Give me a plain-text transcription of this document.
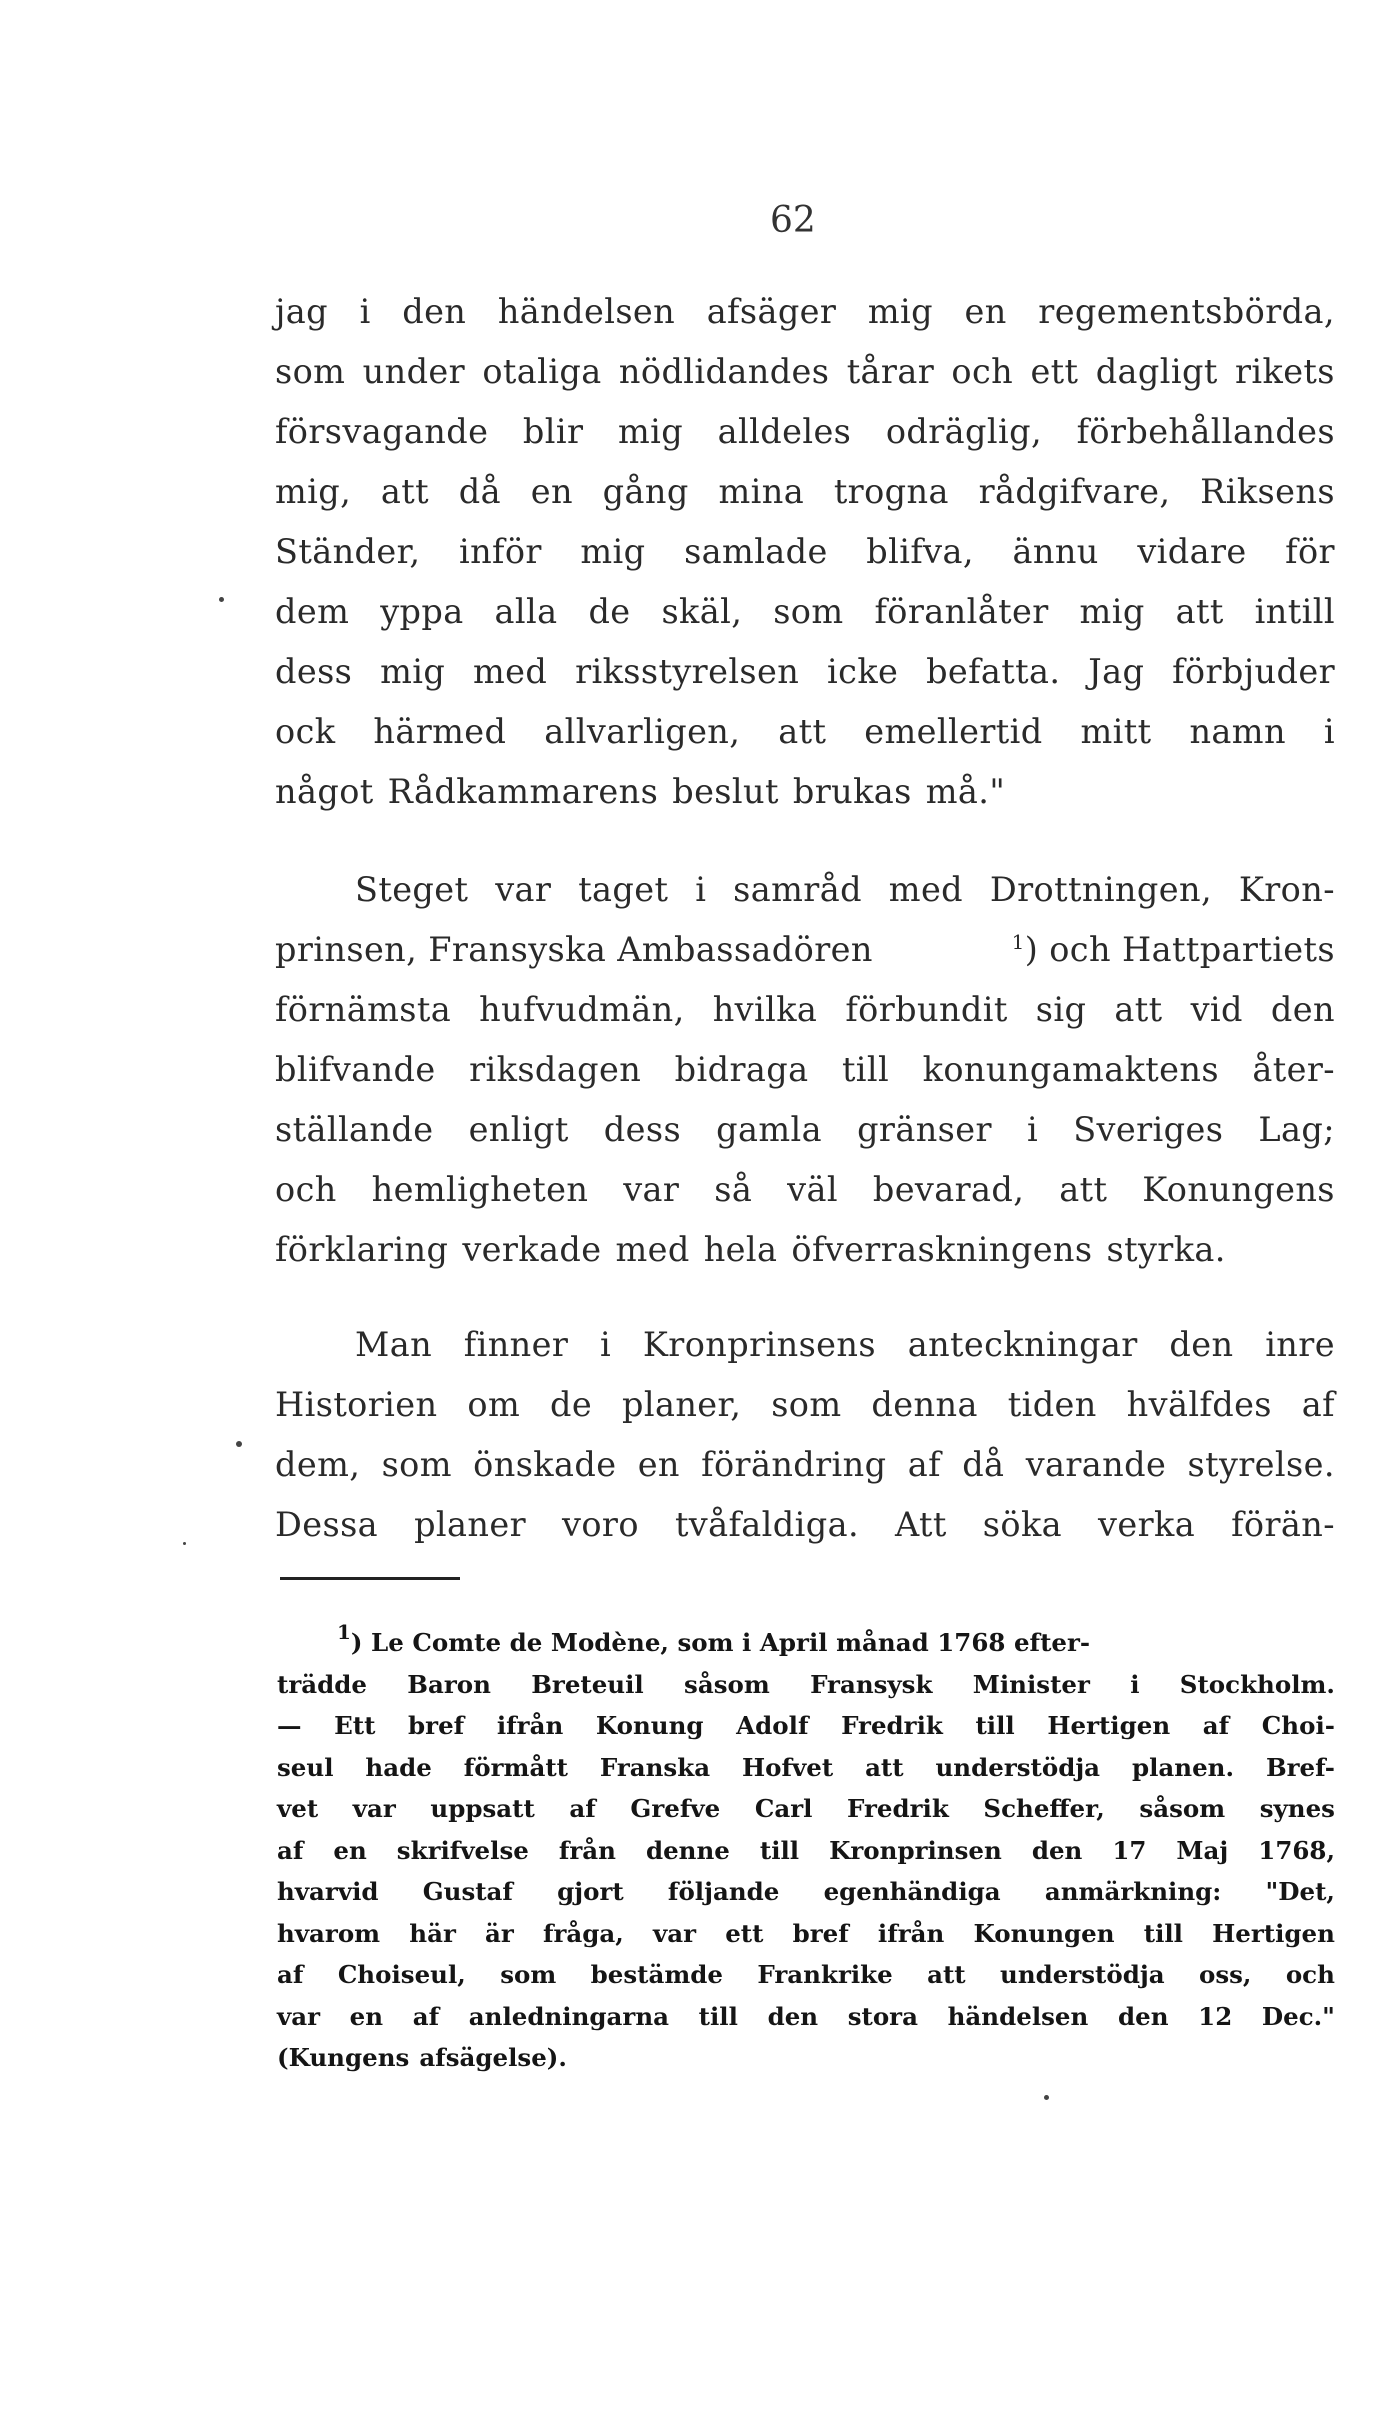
62
jag i den händelsen afsäger mig en regementsbörda,
som under otaliga nödlidandes tårar och ett dagligt rikets
försvagande blir mig alldeles odräglig, förbehållandes
mig, att då en gång mina trogna rådgifvare, Riksens
Ständer, inför mig samlade blifva, ännu vidare för
dem yppa alla de skäl, som föranlåter mig att intill
dess mig med riksstyrelsen icke befatta. Jag förbjuder
ock härmed allvarligen, att emellertid mitt namn i
något Rådkammarens beslut brukas må."
Steget var taget i samråd med Drottningen, Kron-
prinsen, Fransyska Ambassadören	$^1$) och Hattpartiets
förnämsta hufvudmän, hvilka förbundit sig att vid den
blifvande riksdagen bidraga till konungamaktens åter-
ställande enligt dess gamla gränser i Sveriges Lag;
och hemligheten var så väl bevarad, att Konungens
förklaring verkade med hela öfverraskningens styrka.
Man finner i Kronprinsens anteckningar den inre
Historien om de planer, som denna tiden hvälfdes af
dem, som önskade en förändring af då varande styrelse.
Dessa planer voro tvåfaldiga. Att söka verka förän-
$^1$) Le Comte de Modène, som i April månad 1768 efter-
trädde Baron Breteuil såsom Fransysk Minister i Stockholm.
— Ett bref ifrån Konung Adolf Fredrik till Hertigen af Choi-
seul hade förmått Franska Hofvet att understödja planen. Bref-
vet var uppsatt af Grefve Carl Fredrik Scheffer, såsom synes
af en skrifvelse från denne till Kronprinsen den 17 Maj 1768,
hvarvid Gustaf gjort följande egenhändiga anmärkning: "Det,
hvarom här är fråga, var ett bref ifrån Konungen till Hertigen
af Choiseul, som bestämde Frankrike att understödja oss, och
var en af anledningarna till den stora händelsen den 12 Dec."
(Kungens afsägelse).
